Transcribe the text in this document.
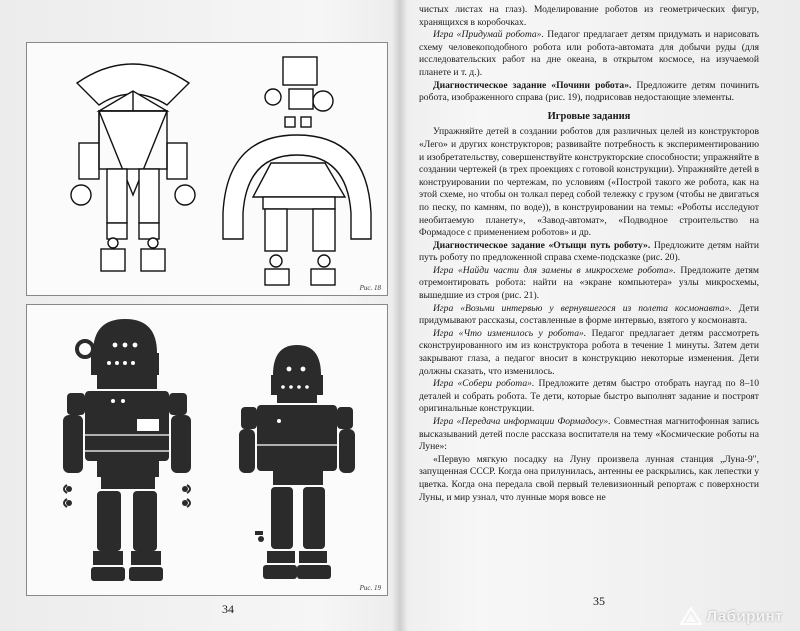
Рис. 18
Рис. 19
34

чистых листах на глаз). Моделирование роботов из геометрических фигур, хранящихся в коробочках.

Игра «Придумай робота». Педагог предлагает детям придумать и нарисовать схему человекоподобного робота или робота-автомата для добычи руды (для исследовательских работ на дне океана, в открытом космосе, на изучаемой планете и т. д.).

Диагностическое задание «Почини робота». Предложите детям починить робота, изображенного справа (рис. 19), подрисовав недостающие элементы.

Игровые задания

Упражняйте детей в создании роботов для различных целей из конструкторов «Лего» и других конструкторов; развивайте потребность к экспериментированию и изобретательству, совершенствуйте конструкторские способности; упражняйте в создании чертежей (в трех проекциях с готовой конструкции). Упражняйте детей в конструировании по чертежам, по условиям («Построй такого же робота, как на этой схеме, но чтобы он толкал перед собой тележку с грузом (чтобы не двигаться по песку, по камням, по воде)), в конструировании на темы: «Роботы исследуют необитаемую планету», «Завод-автомат», «Подводное строительство на Формадосе с применением роботов» и др.

Диагностическое задание «Отыщи путь роботу». Предложите детям найти путь роботу по предложенной справа схеме-подсказке (рис. 20).

Игра «Найди части для замены в микросхеме робота». Предложите детям отремонтировать робота: найти на «экране компьютера» узлы микросхемы, вышедшие из строя (рис. 21).

Игра «Возьми интервью у вернувшегося из полета космонавта». Дети придумывают рассказы, составленные в форме интервью, взятого у космонавта.

Игра «Что изменилось у робота». Педагог предлагает детям рассмотреть сконструированного им из конструктора робота в течение 1 минуты. Затем дети закрывают глаза, а педагог вносит в конструкцию некоторые изменения. Дети должны сказать, что изменилось.

Игра «Собери робота». Предложите детям быстро отобрать наугад по 8–10 деталей и собрать робота. Те дети, которые быстро выполнят задание и построят оригинальные конструкции.

Игра «Передача информации Формадосу». Совместная магнитофонная запись высказываний детей после рассказа воспитателя на тему «Космические роботы на Луне»:

«Первую мягкую посадку на Луну произвела лунная станция „Луна-9", запущенная СССР. Когда она прилунилась, антенны ее раскрылись, как лепестки у цветка. Когда она передала свой первый телевизионный репортаж с поверхности Луны, и мир узнал, что лунные моря вовсе не

35
Лабиринт
